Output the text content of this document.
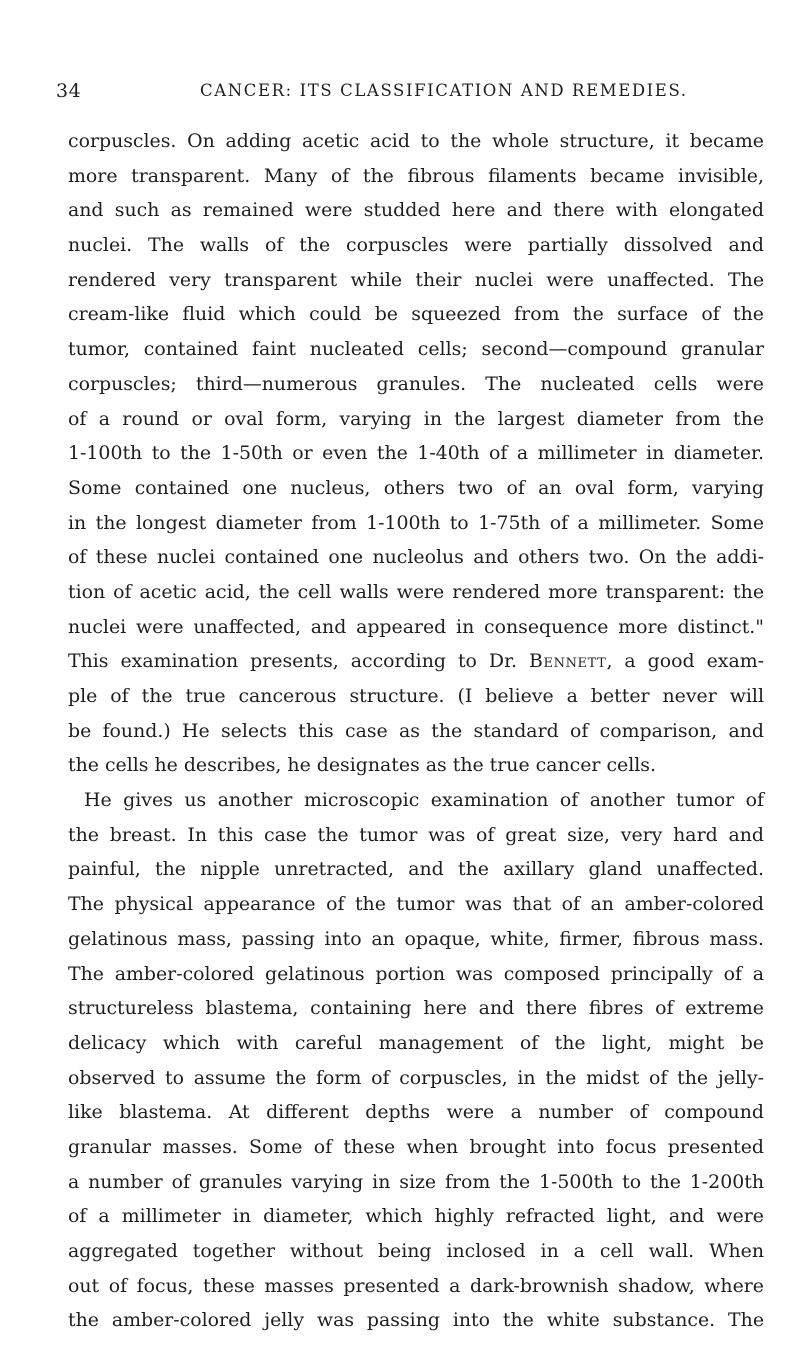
34	CANCER: ITS CLASSIFICATION AND REMEDIES.
corpuscles. On adding acetic acid to the whole structure, it became
more transparent. Many of the fibrous filaments became invisible,
and such as remained were studded here and there with elongated
nuclei. The walls of the corpuscles were partially dissolved and
rendered very transparent while their nuclei were unaffected. The
cream-like fluid which could be squeezed from the surface of the
tumor, contained faint nucleated cells; second—compound granular
corpuscles; third—numerous granules. The nucleated cells were
of a round or oval form, varying in the largest diameter from the
1-100th to the 1-50th or even the 1-40th of a millimeter in diameter.
Some contained one nucleus, others two of an oval form, varying
in the longest diameter from 1-100th to 1-75th of a millimeter. Some
of these nuclei contained one nucleolus and others two. On the addi-
tion of acetic acid, the cell walls were rendered more transparent: the
nuclei were unaffected, and appeared in consequence more distinct."
This examination presents, according to Dr. Bennett, a good exam-
ple of the true cancerous structure. (I believe a better never will
be found.) He selects this case as the standard of comparison, and
the cells he describes, he designates as the true cancer cells.
He gives us another microscopic examination of another tumor of
the breast. In this case the tumor was of great size, very hard and
painful, the nipple unretracted, and the axillary gland unaffected.
The physical appearance of the tumor was that of an amber-colored
gelatinous mass, passing into an opaque, white, firmer, fibrous mass.
The amber-colored gelatinous portion was composed principally of a
structureless blastema, containing here and there fibres of extreme
delicacy which with careful management of the light, might be
observed to assume the form of corpuscles, in the midst of the jelly-
like blastema. At different depths were a number of compound
granular masses. Some of these when brought into focus presented
a number of granules varying in size from the 1-500th to the 1-200th
of a millimeter in diameter, which highly refracted light, and were
aggregated together without being inclosed in a cell wall. When
out of focus, these masses presented a dark-brownish shadow, where
the amber-colored jelly was passing into the white substance. The
